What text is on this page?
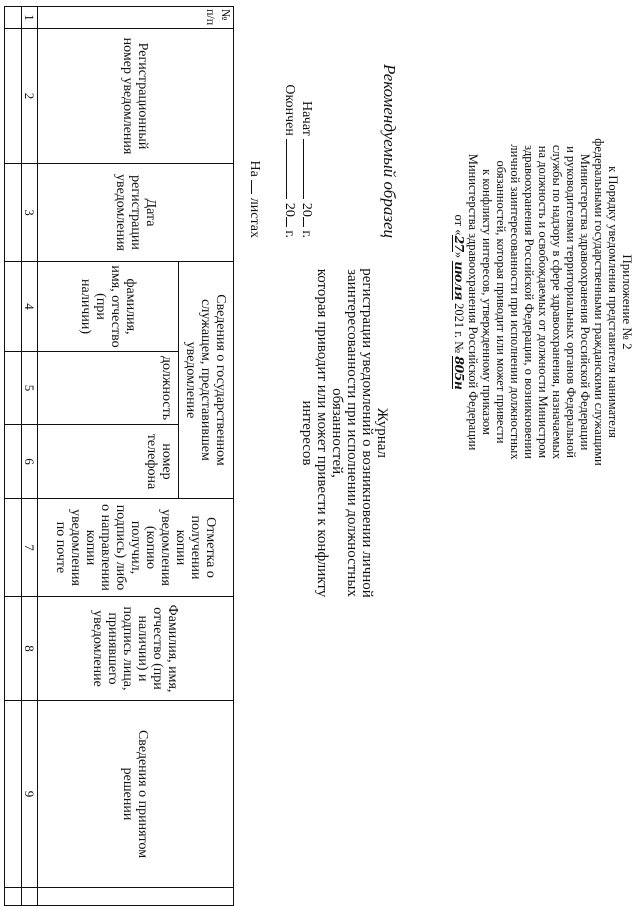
Приложение № 2
к Порядку уведомления представителя нанимателя
федеральными государственными гражданскими служащими
Министерства здравоохранения Российской Федерации
и руководителями территориальных органов Федеральной
службы по надзору в сфере здравоохранения, назначаемых
на должность и освобождаемых от должности Министром
здравоохранения Российской Федерации, о возникновении
личной заинтересованности при исполнении должностных
обязанностей, которая приводит или может привести
к конфликту интересов, утвержденному приказом
Министерства здравоохранения Российской Федерации
от «27» июля 2021 г. № 805н
Рекомендуемый образец
Журнал
регистрации уведомлений о возникновении личной
заинтересованности при исполнении должностных обязанностей,
которая приводит или может привести к конфликту интересов
Начат  20 г.
Окончен  20 г.
На  листах
№ п/п	Регистрационный номер уведомления	Дата регистрации уведомления	Сведения о государственном служащем, представившем уведомление			Отметка о получении копии уведомления (копию получил, подпись) либо о направлении копии уведомления по почте	Фамилия, имя, отчество (при наличии) и подпись лица, принявшего уведомление	Сведения о принятом решении	
			фамилия, имя, отчество (при наличии)	должность	номер телефона				
1	2	3	4	5	6	7	8	9	
